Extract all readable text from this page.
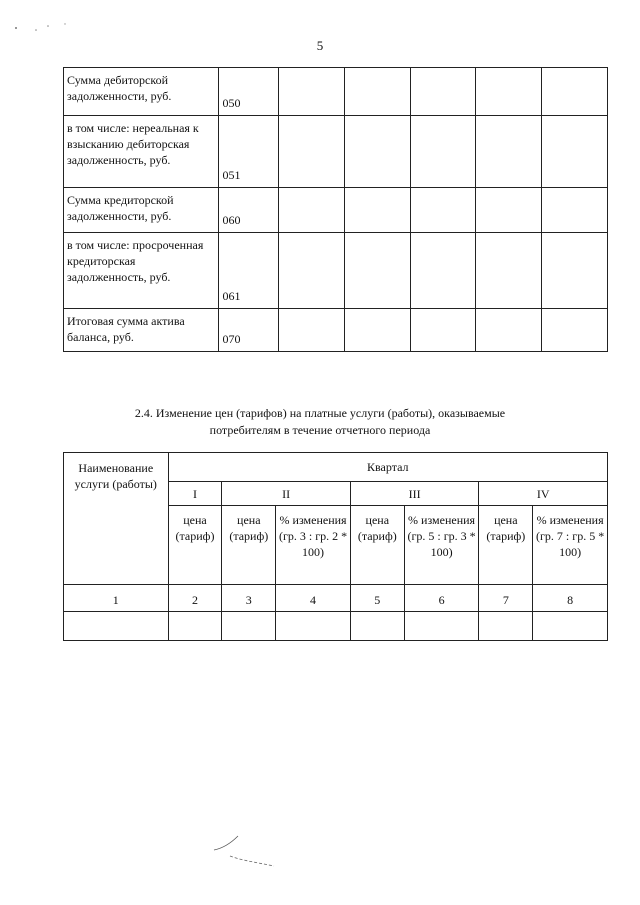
5
Сумма дебиторской задолженности, руб.	050					
в том числе: нереальная к взысканию дебиторская задолженность, руб.	051					
Сумма кредиторской задолженности, руб.	060					
в том числе: просроченная кредиторская задолженность, руб.	061					
Итоговая сумма актива баланса, руб.	070					
2.4. Изменение цен (тарифов) на платные услуги (работы), оказываемые
потребителям в течение отчетного периода
Наименование услуги (работы)	Квартал						
	I	II		III		IV	
	цена (тариф)	цена (тариф)	% изменения (гр. 3 : гр. 2 * 100)	цена (тариф)	% изменения (гр. 5 : гр. 3 * 100)	цена (тариф)	% изменения (гр. 7 : гр. 5 * 100)
1	2	3	4	5	6	7	8
